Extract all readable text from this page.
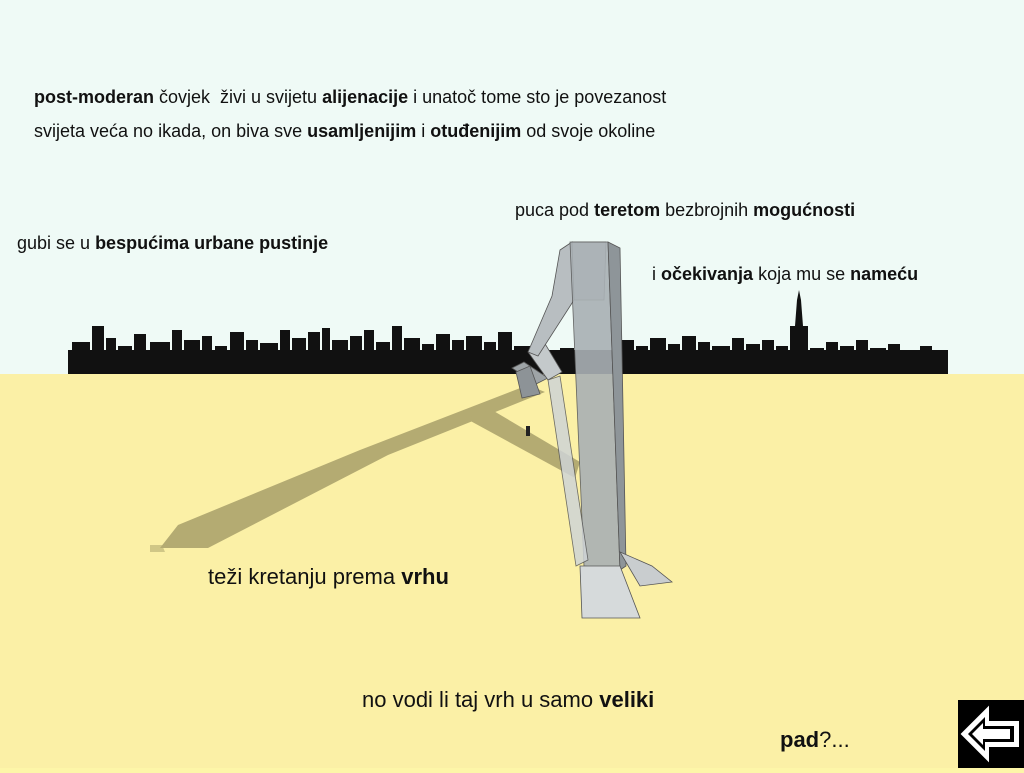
post-moderan čovjek  živi u svijetu alijenacije i unatoč tome sto je povezanost
svijeta veća no ikada, on biva sve usamljenijim i otuđenijim od svoje okoline
gubi se u bespućima urbane pustinje
puca pod teretom bezbrojnih mogućnosti
i očekivanja koja mu se nameću
teži kretanju prema vrhu
no vodi li taj vrh u samo veliki
pad?...
